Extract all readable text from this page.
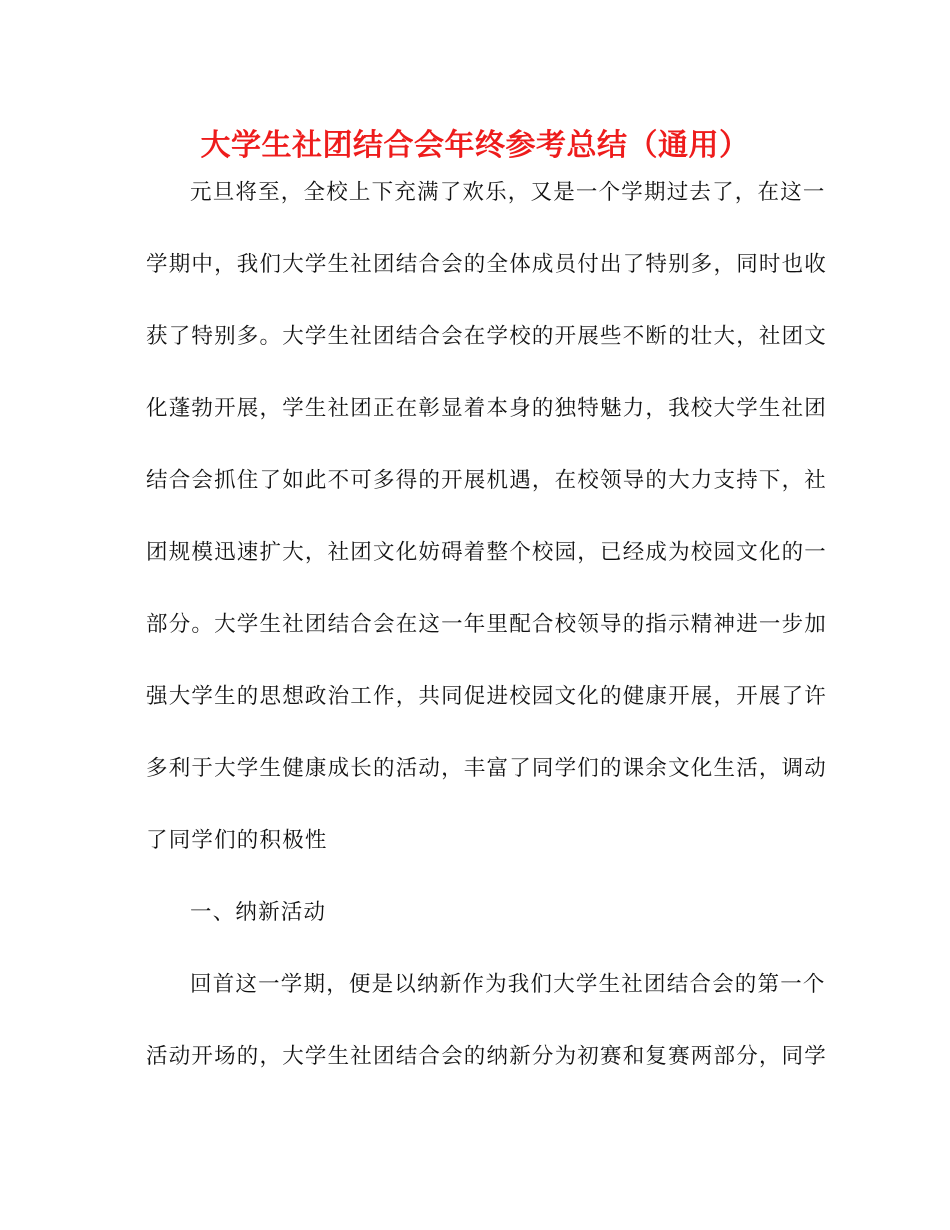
大学生社团结合会年终参考总结（通用）
元旦将至，全校上下充满了欢乐，又是一个学期过去了，在这一
学期中，我们大学生社团结合会的全体成员付出了特别多，同时也收
获了特别多。大学生社团结合会在学校的开展些不断的壮大，社团文
化蓬勃开展，学生社团正在彰显着本身的独特魅力，我校大学生社团
结合会抓住了如此不可多得的开展机遇，在校领导的大力支持下，社
团规模迅速扩大，社团文化妨碍着整个校园，已经成为校园文化的一
部分。大学生社团结合会在这一年里配合校领导的指示精神进一步加
强大学生的思想政治工作，共同促进校园文化的健康开展，开展了许
多利于大学生健康成长的活动，丰富了同学们的课余文化生活，调动
了同学们的积极性
一、纳新活动
回首这一学期，便是以纳新作为我们大学生社团结合会的第一个
活动开场的，大学生社团结合会的纳新分为初赛和复赛两部分，同学
